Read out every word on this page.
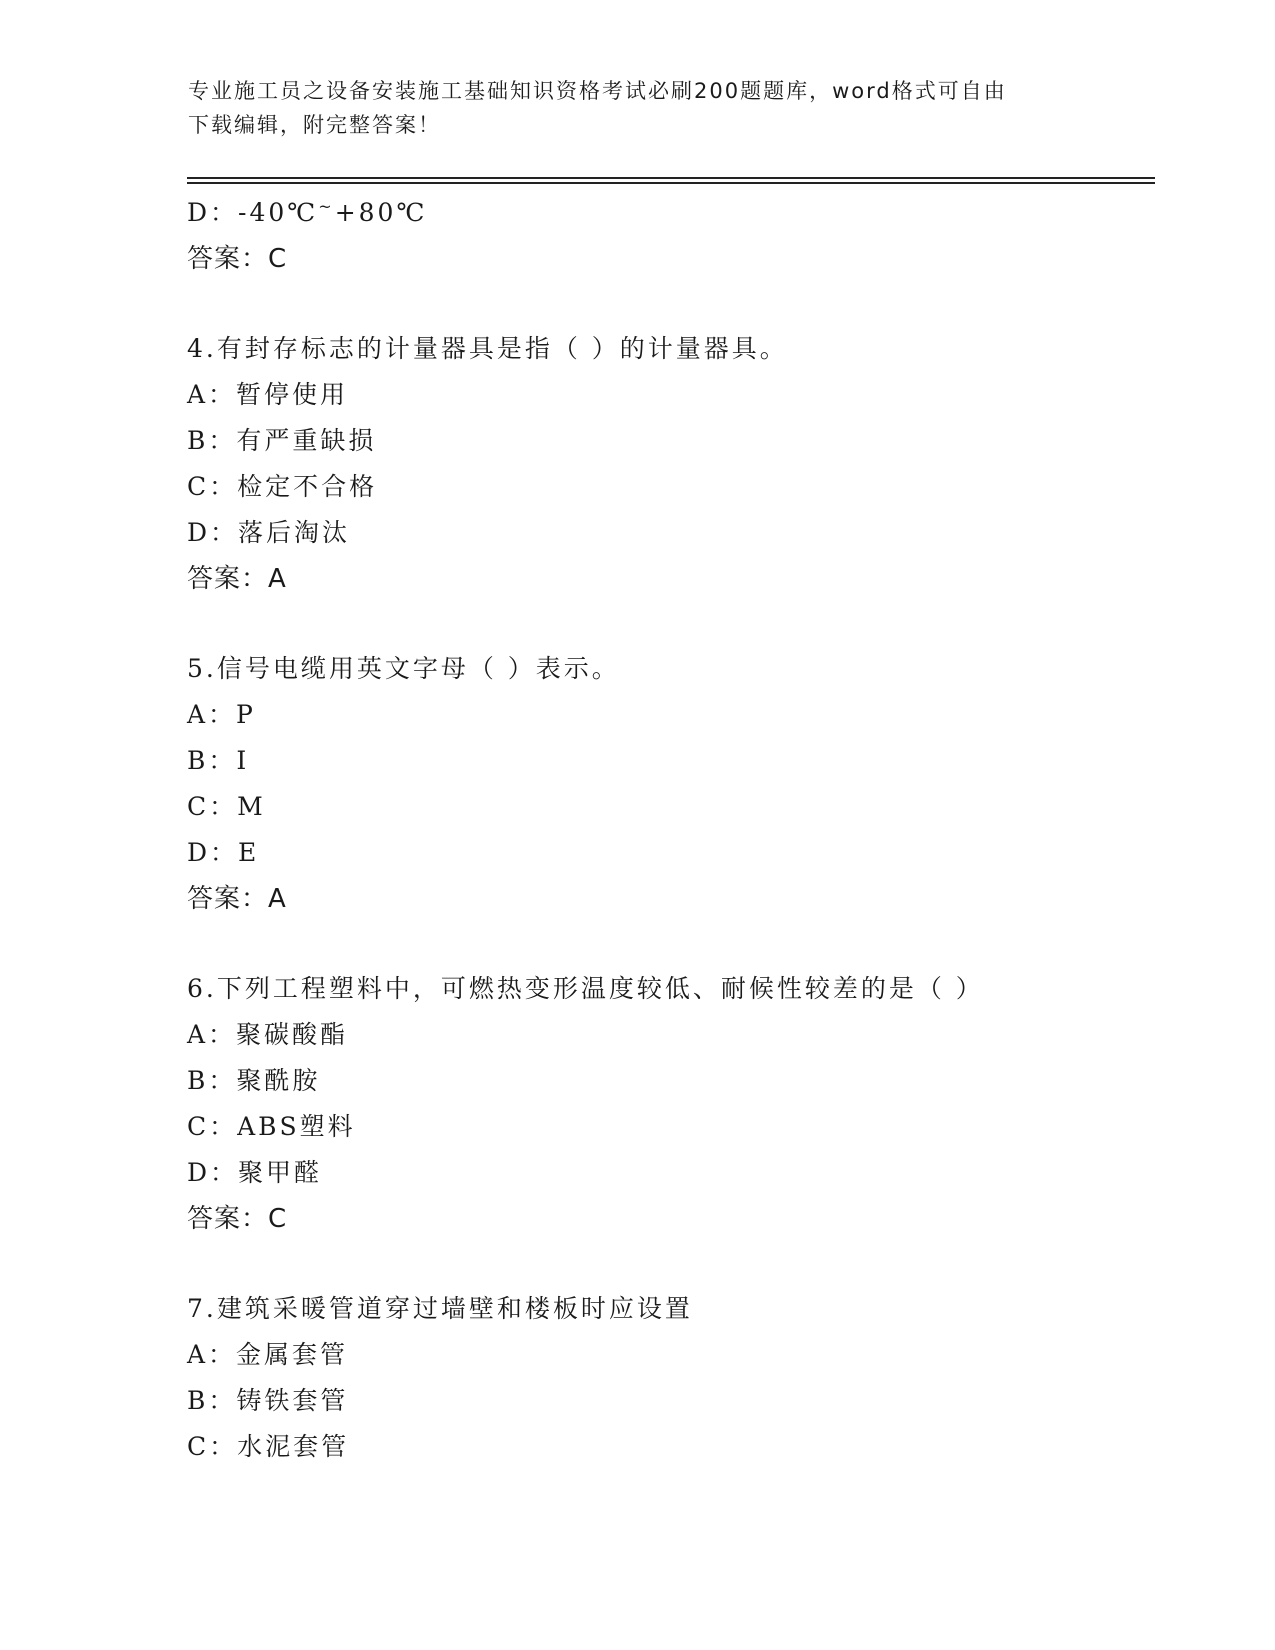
专业施工员之设备安装施工基础知识资格考试必刷200题题库，word格式可自由
下载编辑，附完整答案！
D：-40℃~+80℃
答案：C
4.有封存标志的计量器具是指（ ）的计量器具。
A：暂停使用
B：有严重缺损
C：检定不合格
D：落后淘汰
答案：A
5.信号电缆用英文字母（ ）表示。
A：P
B：I
C：M
D：E
答案：A
6.下列工程塑料中，可燃热变形温度较低、耐候性较差的是（ ）
A：聚碳酸酯
B：聚酰胺
C：ABS塑料
D：聚甲醛
答案：C
7.建筑采暖管道穿过墙壁和楼板时应设置
A：金属套管
B：铸铁套管
C：水泥套管
